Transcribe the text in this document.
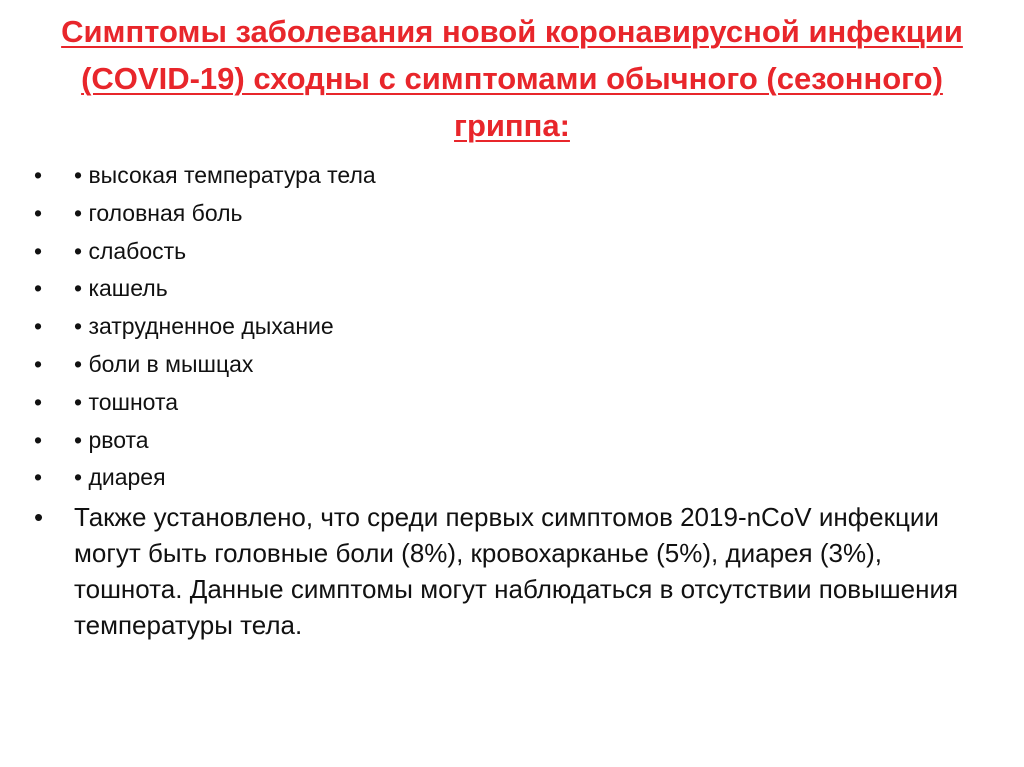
Симптомы заболевания новой коронавирусной инфекции (COVID-19) сходны с симптомами обычного (сезонного) гриппа:
• • высокая температура тела
• • головная боль
• • слабость
• • кашель
• • затрудненное дыхание
• • боли в мышцах
• • тошнота
• • рвота
• • диарея

•	Также установлено, что среди первых симптомов 2019-nCoV инфекции могут быть головные боли (8%), кровохарканье (5%), диарея (3%), тошнота. Данные симптомы могут наблюдаться в отсутствии повышения температуры тела.
